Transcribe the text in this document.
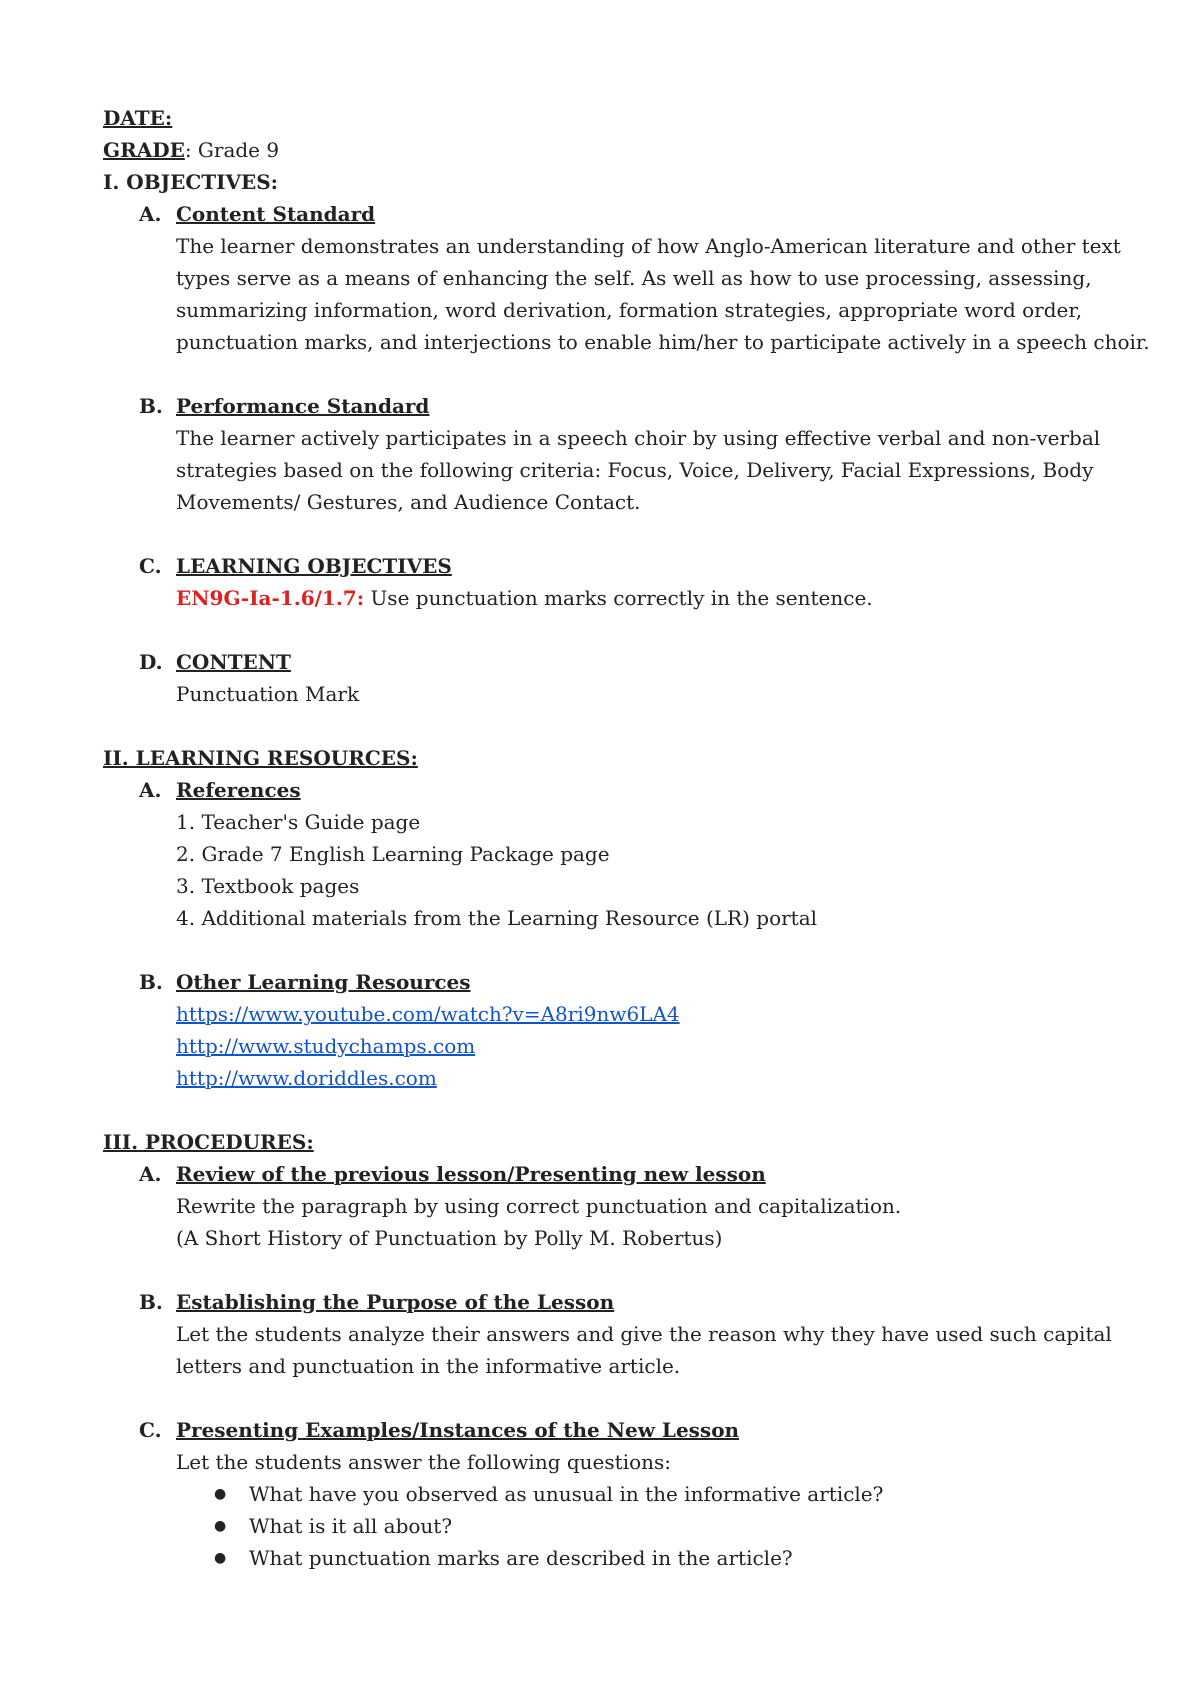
DATE:
GRADE: Grade 9
I. OBJECTIVES:
A. Content Standard
The learner demonstrates an understanding of how Anglo-American literature and other text
types serve as a means of enhancing the self. As well as how to use processing, assessing,
summarizing information, word derivation, formation strategies, appropriate word order,
punctuation marks, and interjections to enable him/her to participate actively in a speech choir.
B. Performance Standard
The learner actively participates in a speech choir by using effective verbal and non-verbal
strategies based on the following criteria: Focus, Voice, Delivery, Facial Expressions, Body
Movements/ Gestures, and Audience Contact.
C. LEARNING OBJECTIVES
EN9G-Ia-1.6/1.7: Use punctuation marks correctly in the sentence.
D. CONTENT
Punctuation Mark
II. LEARNING RESOURCES:
A. References
1. Teacher's Guide page
2. Grade 7 English Learning Package page
3. Textbook pages
4. Additional materials from the Learning Resource (LR) portal
B. Other Learning Resources
https://www.youtube.com/watch?v=A8ri9nw6LA4
http://www.studychamps.com
http://www.doriddles.com
III. PROCEDURES:
A. Review of the previous lesson/Presenting new lesson
Rewrite the paragraph by using correct punctuation and capitalization.
(A Short History of Punctuation by Polly M. Robertus)
B. Establishing the Purpose of the Lesson
Let the students analyze their answers and give the reason why they have used such capital
letters and punctuation in the informative article.
C. Presenting Examples/Instances of the New Lesson
Let the students answer the following questions:
● What have you observed as unusual in the informative article?
● What is it all about?
● What punctuation marks are described in the article?
